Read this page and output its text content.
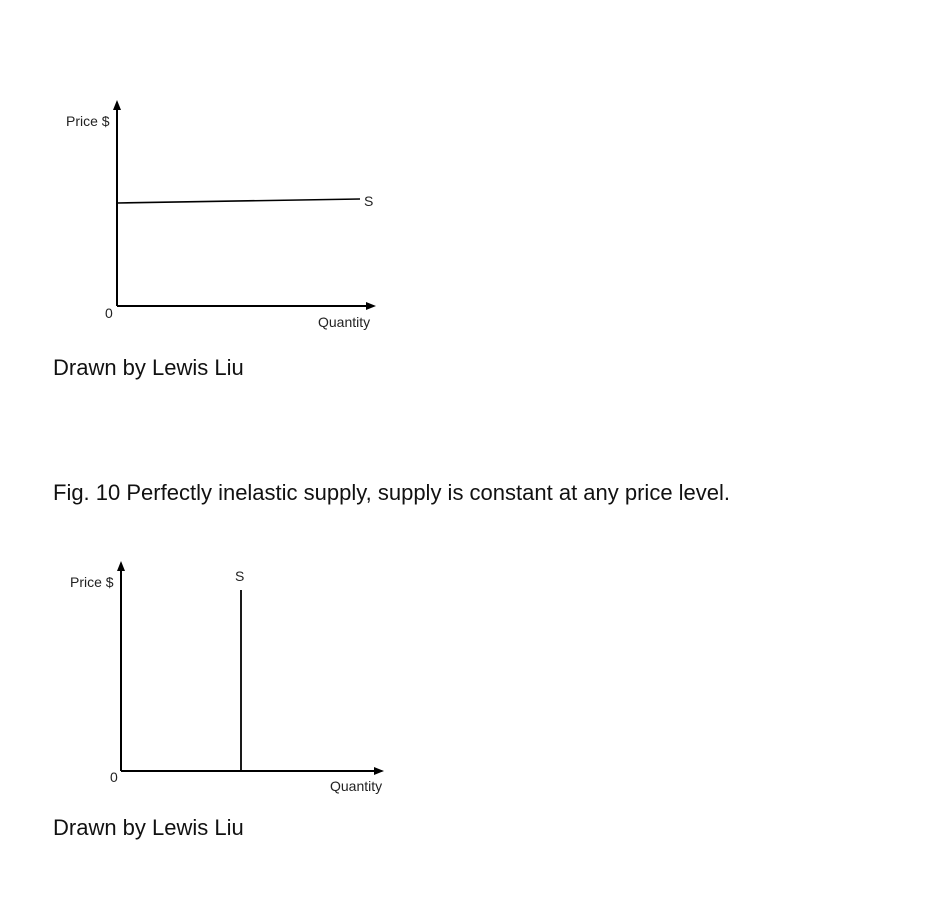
Price $
Quantity
0
S
Drawn by Lewis Liu
Fig. 10 Perfectly inelastic supply, supply is constant at any price level.
Price $
Quantity
0
S
Drawn by Lewis Liu
